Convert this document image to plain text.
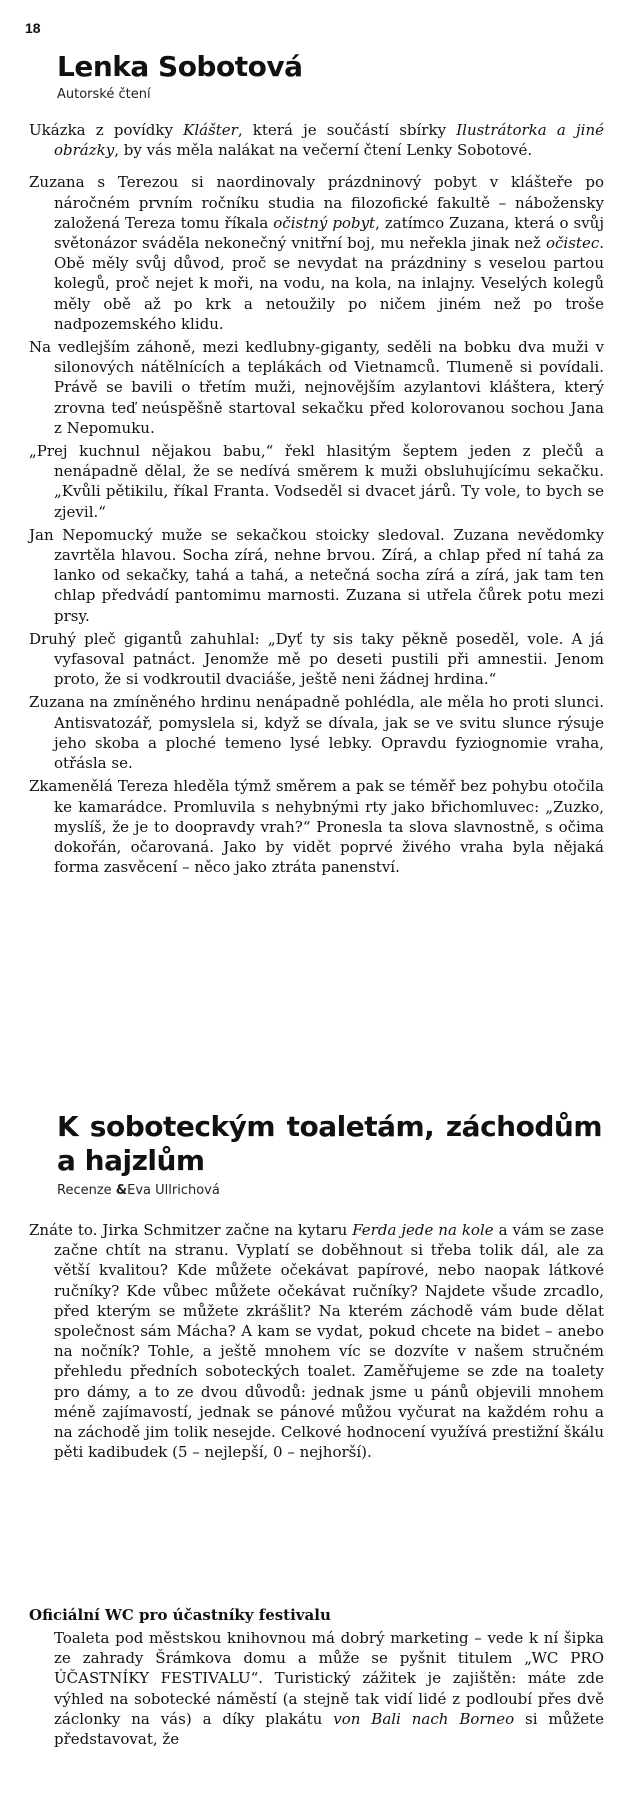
18
Lenka Sobotová
Autorské čtení

Ukázka z povídky Klášter, která je součástí sbírky Ilustrátorka a jiné obrázky, by vás měla nalákat na večerní čtení Lenky Sobotové.

Zuzana s Terezou si naordinovaly prázdninový pobyt v klášteře po náročném prvním ročníku studia na filozofické fakultě – nábožensky založená Tereza tomu říkala očistný pobyt, zatímco Zuzana, která o svůj světonázor sváděla nekonečný vnitřní boj, mu neřekla jinak než očistec. Obě měly svůj důvod, proč se nevydat na prázdniny s veselou partou kolegů, proč nejet k moři, na vodu, na kola, na inlajny. Veselých kolegů měly obě až po krk a netoužily po ničem jiném než po troše nadpozemského klidu.

Na vedlejším záhoně, mezi kedlubny-giganty, seděli na bobku dva muži v silonových nátělnících a teplákách od Vietnamců. Tlumeně si povídali. Právě se bavili o třetím muži, nejnovějším azylantovi kláštera, který zrovna teď neúspěšně startoval sekačku před kolorovanou sochou Jana z Nepomuku.

„Prej kuchnul nějakou babu,“ řekl hlasitým šeptem jeden z plečů a nenápadně dělal, že se nedívá směrem k muži obsluhujícímu sekačku. „Kvůli pětikilu, říkal Franta. Vodseděl si dvacet járů. Ty vole, to bych se zjevil.“

Jan Nepomucký muže se sekačkou stoicky sledoval. Zuzana nevědomky zavrtěla hlavou. Socha zírá, nehne brvou. Zírá, a chlap před ní tahá za lanko od sekačky, tahá a tahá, a netečná socha zírá a zírá, jak tam ten chlap předvádí pantomimu marnosti. Zuzana si utřela čůrek potu mezi prsy.

Druhý pleč gigantů zahuhlal: „Dyť ty sis taky pěkně poseděl, vole. A já vyfasoval patnáct. Jenomže mě po deseti pustili při amnestii. Jenom proto, že si vodkroutil dvaciáše, ještě neni žádnej hrdina.“

Zuzana na zmíněného hrdinu nenápadně pohlédla, ale měla ho proti slunci. Antisvatozář, pomyslela si, když se dívala, jak se ve svitu slunce rýsuje jeho skoba a ploché temeno lysé lebky. Opravdu fyziognomie vraha, otřásla se.

Zkamenělá Tereza hleděla týmž směrem a pak se téměř bez pohybu otočila ke kamarádce. Promluvila s nehybnými rty jako břichomluvec: „Zuzko, myslíš, že je to doopravdy vrah?“ Pronesla ta slova slavnostně, s očima dokořán, očarovaná. Jako by vidět poprvé živého vraha byla nějaká forma zasvěcení – něco jako ztráta panenství.

K soboteckým toaletám, záchodům a hajzlům
Recenze &Eva Ullrichová

Znáte to. Jirka Schmitzer začne na kytaru Ferda jede na kole a vám se zase začne chtít na stranu. Vyplatí se doběhnout si třeba tolik dál, ale za větší kvalitou? Kde můžete očekávat papírové, nebo naopak látkové ručníky? Kde vůbec můžete očekávat ručníky? Najdete všude zrcadlo, před kterým se můžete zkrášlit? Na kterém záchodě vám bude dělat společnost sám Mácha? A kam se vydat, pokud chcete na bidet – anebo na nočník? Tohle, a ještě mnohem víc se dozvíte v našem stručném přehledu předních soboteckých toalet. Zaměřujeme se zde na toalety pro dámy, a to ze dvou důvodů: jednak jsme u pánů objevili mnohem méně zajímavostí, jednak se pánové můžou vyčurat na každém rohu a na záchodě jim tolik nesejde. Celkové hodnocení využívá prestižní škálu pěti kadibudek (5 – nejlepší, 0 – nejhorší).

Oficiální WC pro účastníky festivalu

Toaleta pod městskou knihovnou má dobrý marketing – vede k ní šipka ze zahrady Šrámkova domu a může se pyšnit titulem „WC PRO ÚČASTNÍKY FESTIVALU“. Turistický zážitek je zajištěn: máte zde výhled na sobotecké náměstí (a stejně tak vidí lidé z podloubí přes dvě záclonky na vás) a díky plakátu von Bali nach Borneo si můžete představovat, že
